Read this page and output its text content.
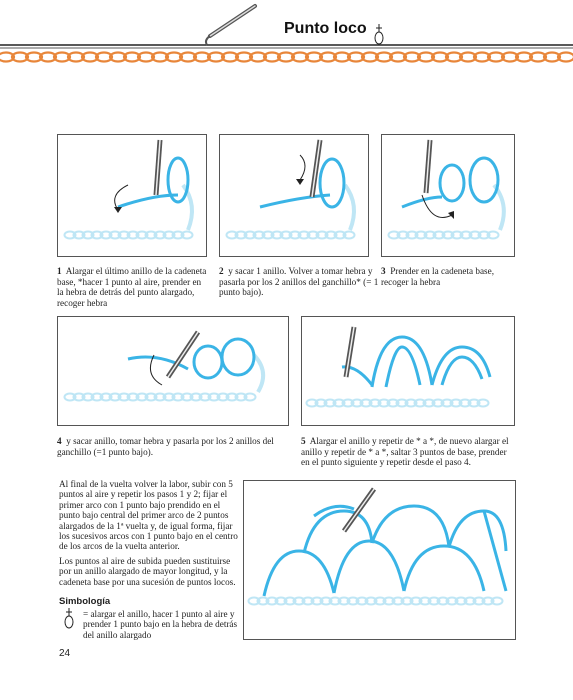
Punto loco
1 Alargar el último anillo de la cadeneta base, *hacer 1 punto al aire, prender en la hebra de detrás del punto alargado, recoger hebra
2 y sacar 1 anillo. Volver a tomar hebra y pasarla por los 2 anillos del ganchillo* (= 1 punto bajo).
3 Prender en la cadeneta base, recoger la hebra
4 y sacar anillo, tomar hebra y pasarla por los 2 anillos del ganchillo (=1 punto bajo).
5 Alargar el anillo y repetir de * a *, de nuevo alargar el anillo y repetir de * a *, saltar 3 puntos de base, prender en el punto siguiente y repetir desde el paso 4.
Al final de la vuelta volver la labor, subir con 5 puntos al aire y repetir los pasos 1 y 2; fijar el primer arco con 1 punto bajo prendido en el punto bajo central del primer arco de 2 puntos alargados de la 1ª vuelta y, de igual forma, fijar los sucesivos arcos con 1 punto bajo en el centro de los arcos de la vuelta anterior.
Los puntos al aire de subida pueden sustituirse por un anillo alargado de mayor longitud, y la cadeneta base por una sucesión de puntos locos.
Simbología
= alargar el anillo, hacer 1 punto al aire y prender 1 punto bajo en la hebra de detrás del anillo alargado
24
